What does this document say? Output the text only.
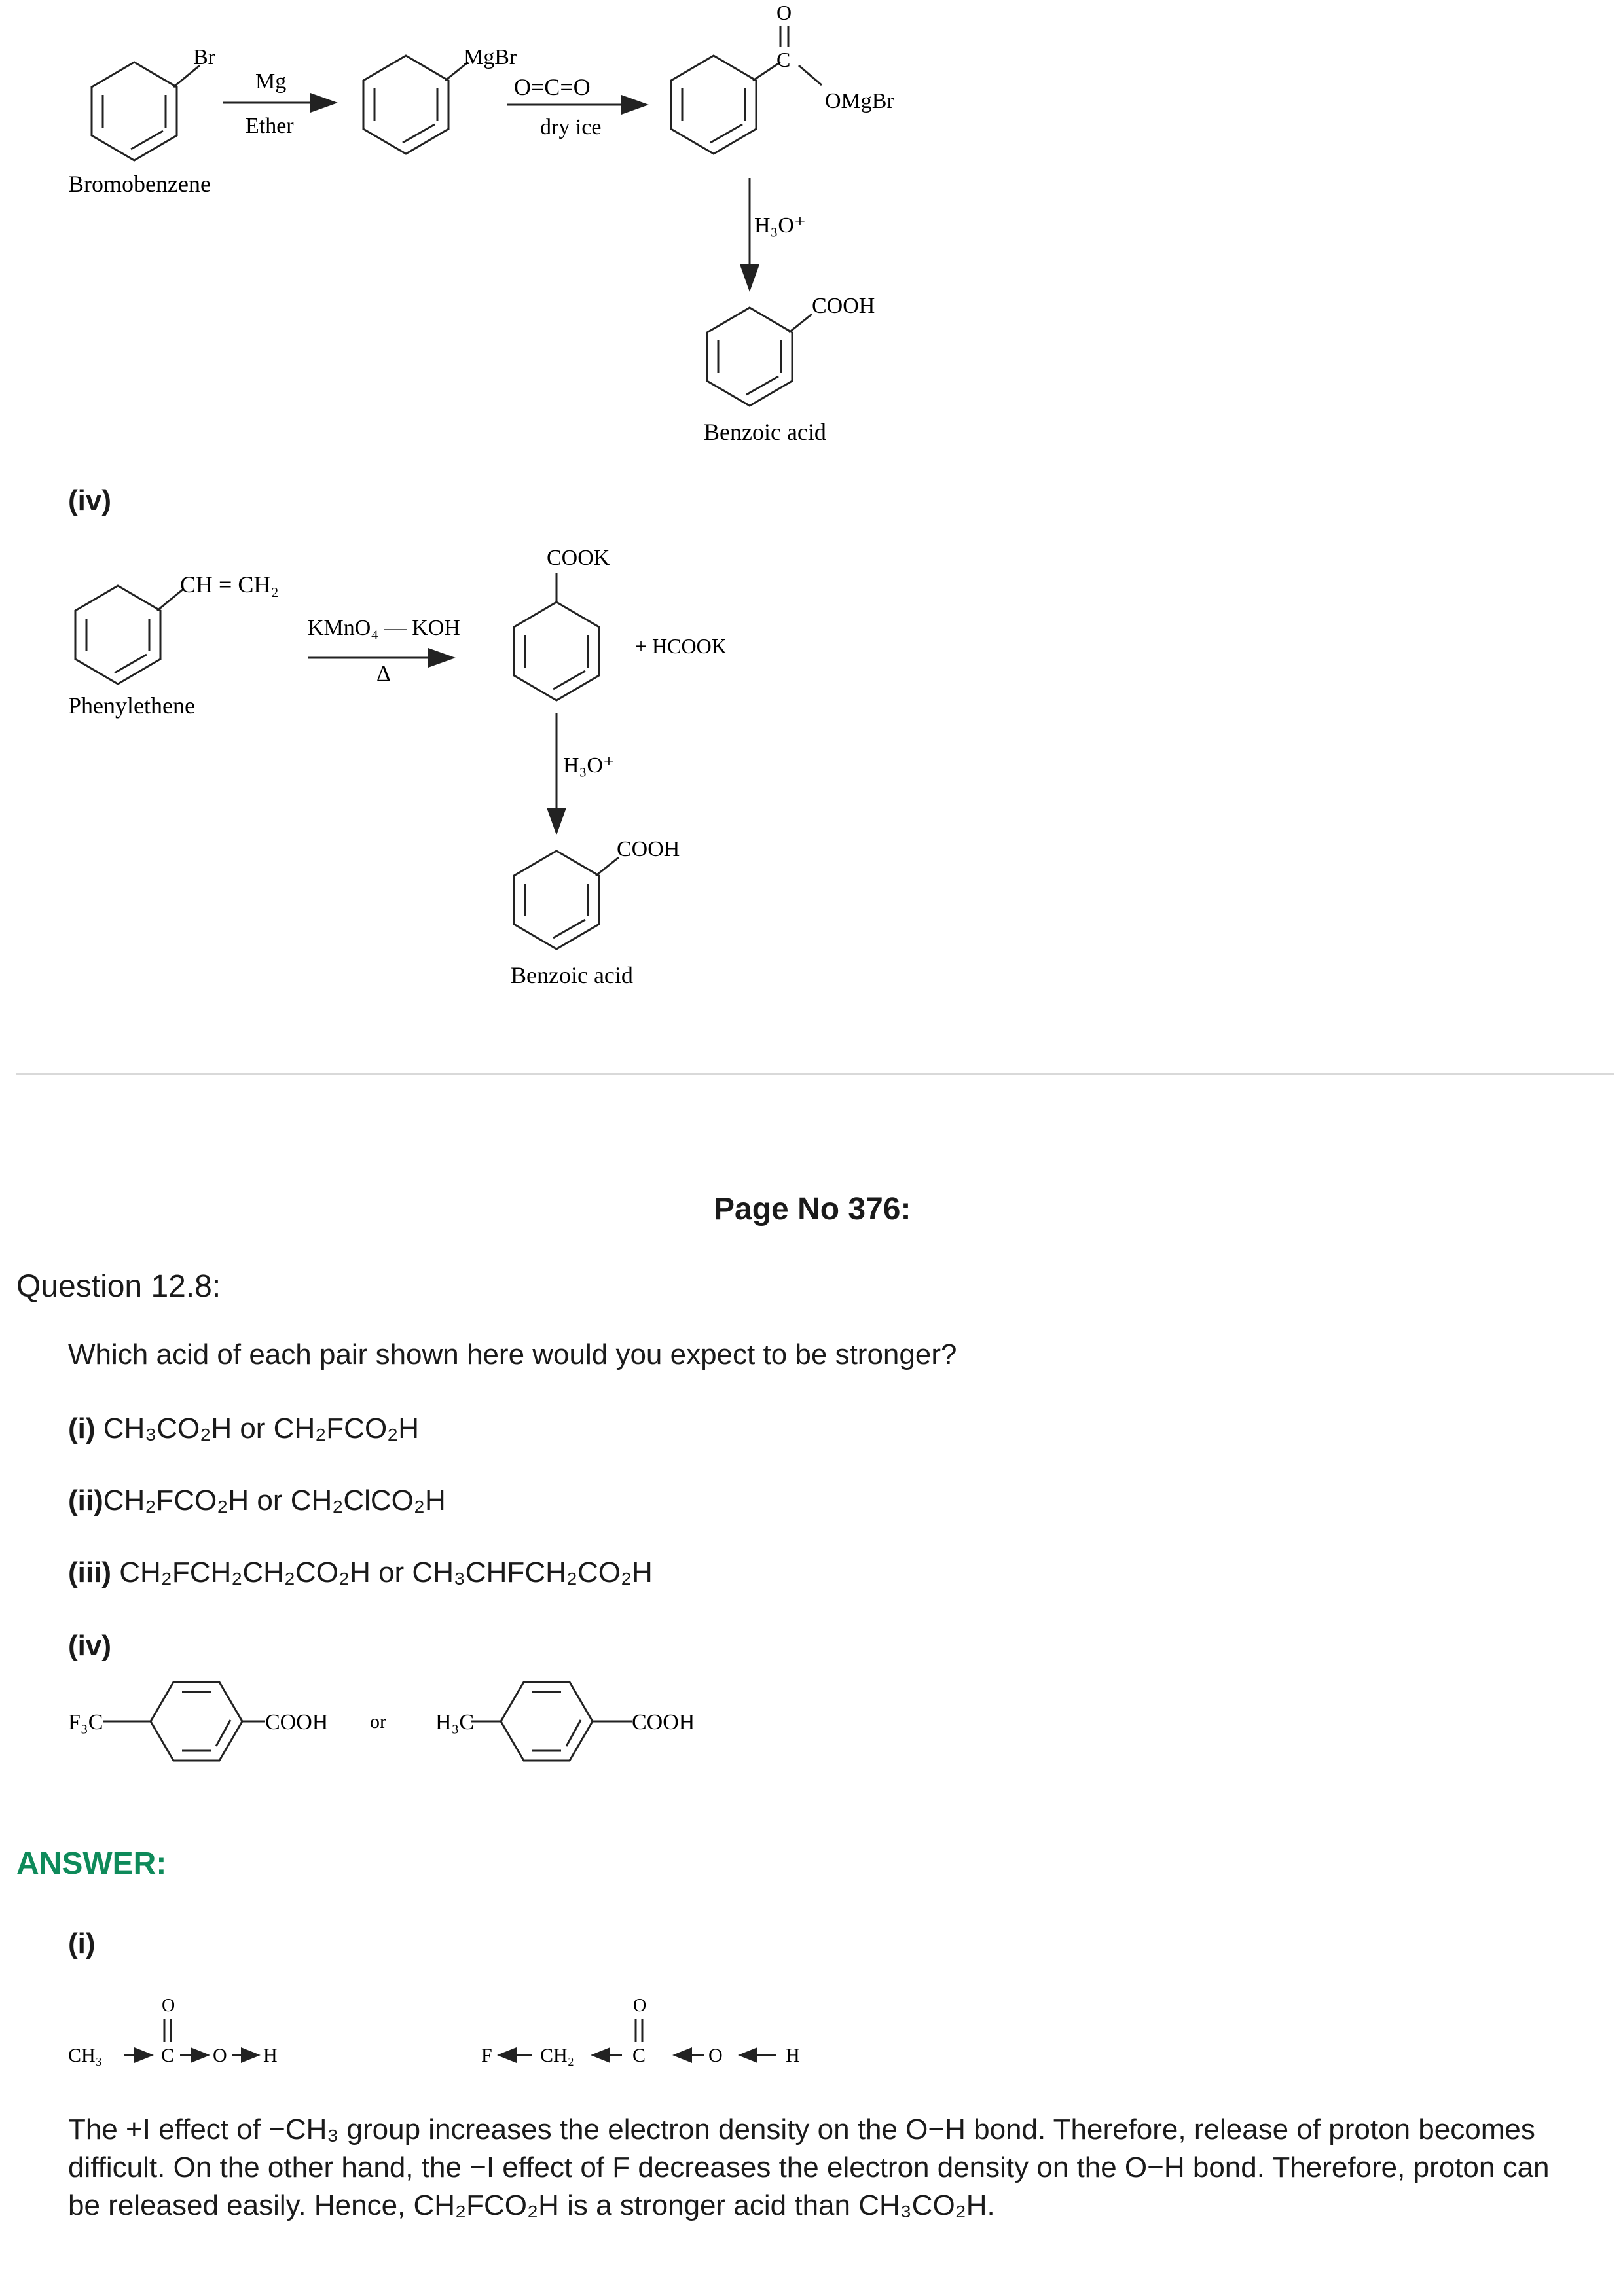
Br
Mg
Ether
MgBr
O=C=O
dry ice
O
C
OMgBr
Bromobenzene
H₃O⁺
COOH
Benzoic acid
(iv)
CH = CH₂
Phenylethene
KMnO₄ — KOH
Δ
COOK
+ HCOOK
H₃O⁺
COOH
Benzoic acid
Page No 376:
Question 12.8:
Which acid of each pair shown here would you expect to be stronger?
(i) CH₃CO₂H or CH₂FCO₂H
(ii)CH₂FCO₂H or CH₂ClCO₂H
(iii) CH₂FCH₂CH₂CO₂H or CH₃CHFCH₂CO₂H
(iv)
F₃C	COOH or H₃C	COOH
ANSWER:
(i)
CH₃
O
C O H	F CH₂
O
C	O	H
The +I effect of −CH₃ group increases the electron density on the O−H bond. Therefore, release of proton becomes difficult. On the other hand, the −I effect of F decreases the electron density on the O−H bond. Therefore, proton can be released easily. Hence, CH₂FCO₂H is a stronger acid than CH₃CO₂H.
